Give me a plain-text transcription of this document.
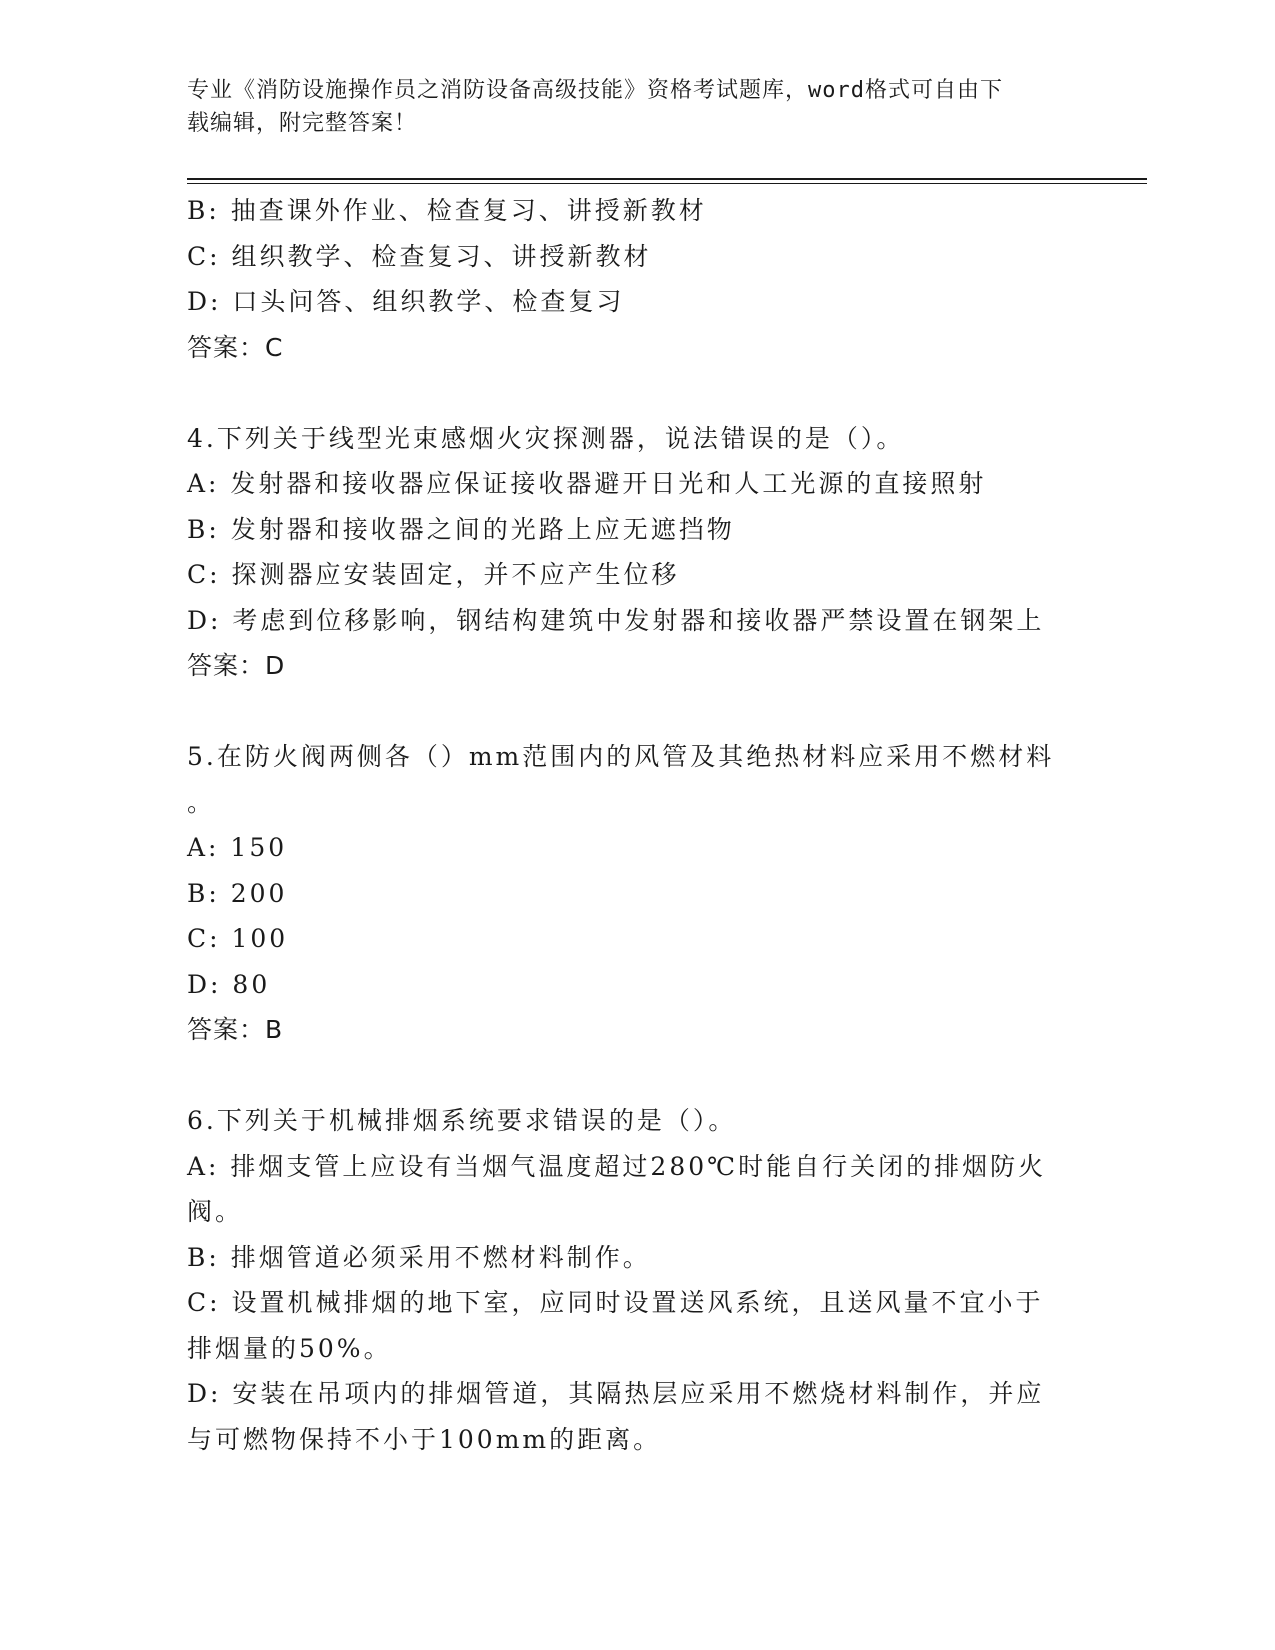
专业《消防设施操作员之消防设备高级技能》资格考试题库，word格式可自由下
载编辑，附完整答案！
B: 抽查课外作业、检查复习、讲授新教材
C: 组织教学、检查复习、讲授新教材
D: 口头问答、组织教学、检查复习
答案：C
4.下列关于线型光束感烟火灾探测器，说法错误的是（）。
A: 发射器和接收器应保证接收器避开日光和人工光源的直接照射
B: 发射器和接收器之间的光路上应无遮挡物
C: 探测器应安装固定，并不应产生位移
D: 考虑到位移影响，钢结构建筑中发射器和接收器严禁设置在钢架上
答案：D
5.在防火阀两侧各（）mm范围内的风管及其绝热材料应采用不燃材料
。
A: 150
B: 200
C: 100
D: 80
答案：B
6.下列关于机械排烟系统要求错误的是（）。
A: 排烟支管上应设有当烟气温度超过280℃时能自行关闭的排烟防火
阀。
B: 排烟管道必须采用不燃材料制作。
C: 设置机械排烟的地下室，应同时设置送风系统，且送风量不宜小于
排烟量的50%。
D: 安装在吊项内的排烟管道，其隔热层应采用不燃烧材料制作，并应
与可燃物保持不小于100mm的距离。
